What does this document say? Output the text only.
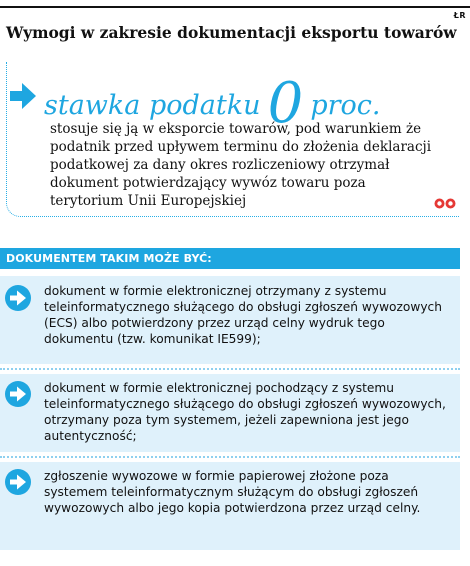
ŁR
Wymogi w zakresie dokumentacji eksportu towarów
stawka podatku 0 proc.

stosuje się ją w eksporcie towarów, pod warunkiem że podatnik przed upływem terminu do złożenia deklaracji podatkowej za dany okres rozliczeniowy otrzymał dokument potwierdzający wywóz towaru poza terytorium Unii Europejskiej

DOKUMENTEM TAKIM MOŻE BYĆ:

dokument w formie elektronicznej otrzymany z systemu teleinformatycznego służącego do obsługi zgłoszeń wywozowych (ECS) albo potwierdzony przez urząd celny wydruk tego dokumentu (tzw. komunikat IE599);

dokument w formie elektronicznej pochodzący z systemu teleinformatycznego służącego do obsługi zgłoszeń wywozowych, otrzymany poza tym systemem, jeżeli zapewniona jest jego autentyczność;

zgłoszenie wywozowe w formie papierowej złożone poza systemem teleinformatycznym służącym do obsługi zgłoszeń wywozowych albo jego kopia potwierdzona przez urząd celny.
